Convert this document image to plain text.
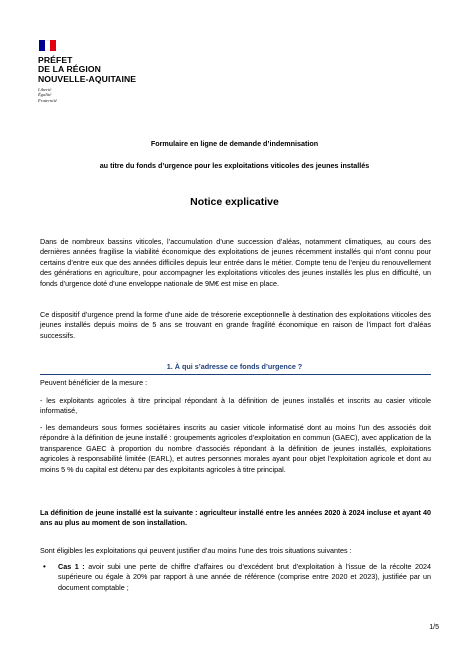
PRÉFET
DE LA RÉGION
NOUVELLE-AQUITAINE
Liberté
Égalité
Fraternité
Formulaire en ligne de demande d’indemnisation
au titre du fonds d’urgence pour les exploitations viticoles des jeunes installés
Notice explicative
Dans de nombreux bassins viticoles, l’accumulation d’une succession d’aléas, notamment climatiques, au cours des dernières années fragilise la viabilité économique des exploitations de jeunes récemment installés qui n’ont connu pour certains d’entre eux que des années difficiles depuis leur entrée dans le métier. Compte tenu de l’enjeu du renouvellement des générations en agriculture, pour accompagner les exploitations viticoles des jeunes installés les plus en difficulté, un fonds d’urgence doté d’une enveloppe nationale de 9M€ est mise en place.
Ce dispositif d’urgence prend la forme d’une aide de trésorerie exceptionnelle à destination des exploitations viticoles des jeunes installés depuis moins de 5 ans se trouvant en grande fragilité économique en raison de l’impact fort d’aléas successifs.
1. À qui s’adresse ce fonds d’urgence ?
Peuvent bénéficier de la mesure :
- les exploitants agricoles à titre principal répondant à la définition de jeunes installés et inscrits au casier viticole informatisé,
- les demandeurs sous formes sociétaires inscrits au casier viticole informatisé dont au moins l’un des associés doit répondre à la définition de jeune installé : groupements agricoles d’exploitation en commun (GAEC), avec application de la transparence GAEC à proportion du nombre d’associés répondant à la définition de jeunes installés, exploitations agricoles à responsabilité limitée (EARL), et autres personnes morales ayant pour objet l’exploitation agricole et dont au moins 5 % du capital est détenu par des exploitants agricoles à titre principal.
La définition de jeune installé est la suivante : agriculteur installé entre les années 2020 à 2024 incluse et ayant 40 ans au plus au moment de son installation.
Sont éligibles les exploitations qui peuvent justifier d’au moins l’une des trois situations suivantes :
• Cas 1 : avoir subi une perte de chiffre d’affaires ou d’excédent brut d’exploitation à l’issue de la récolte 2024 supérieure ou égale à 20% par rapport à une année de référence (comprise entre 2020 et 2023), justifiée par un document comptable ;
1/5
